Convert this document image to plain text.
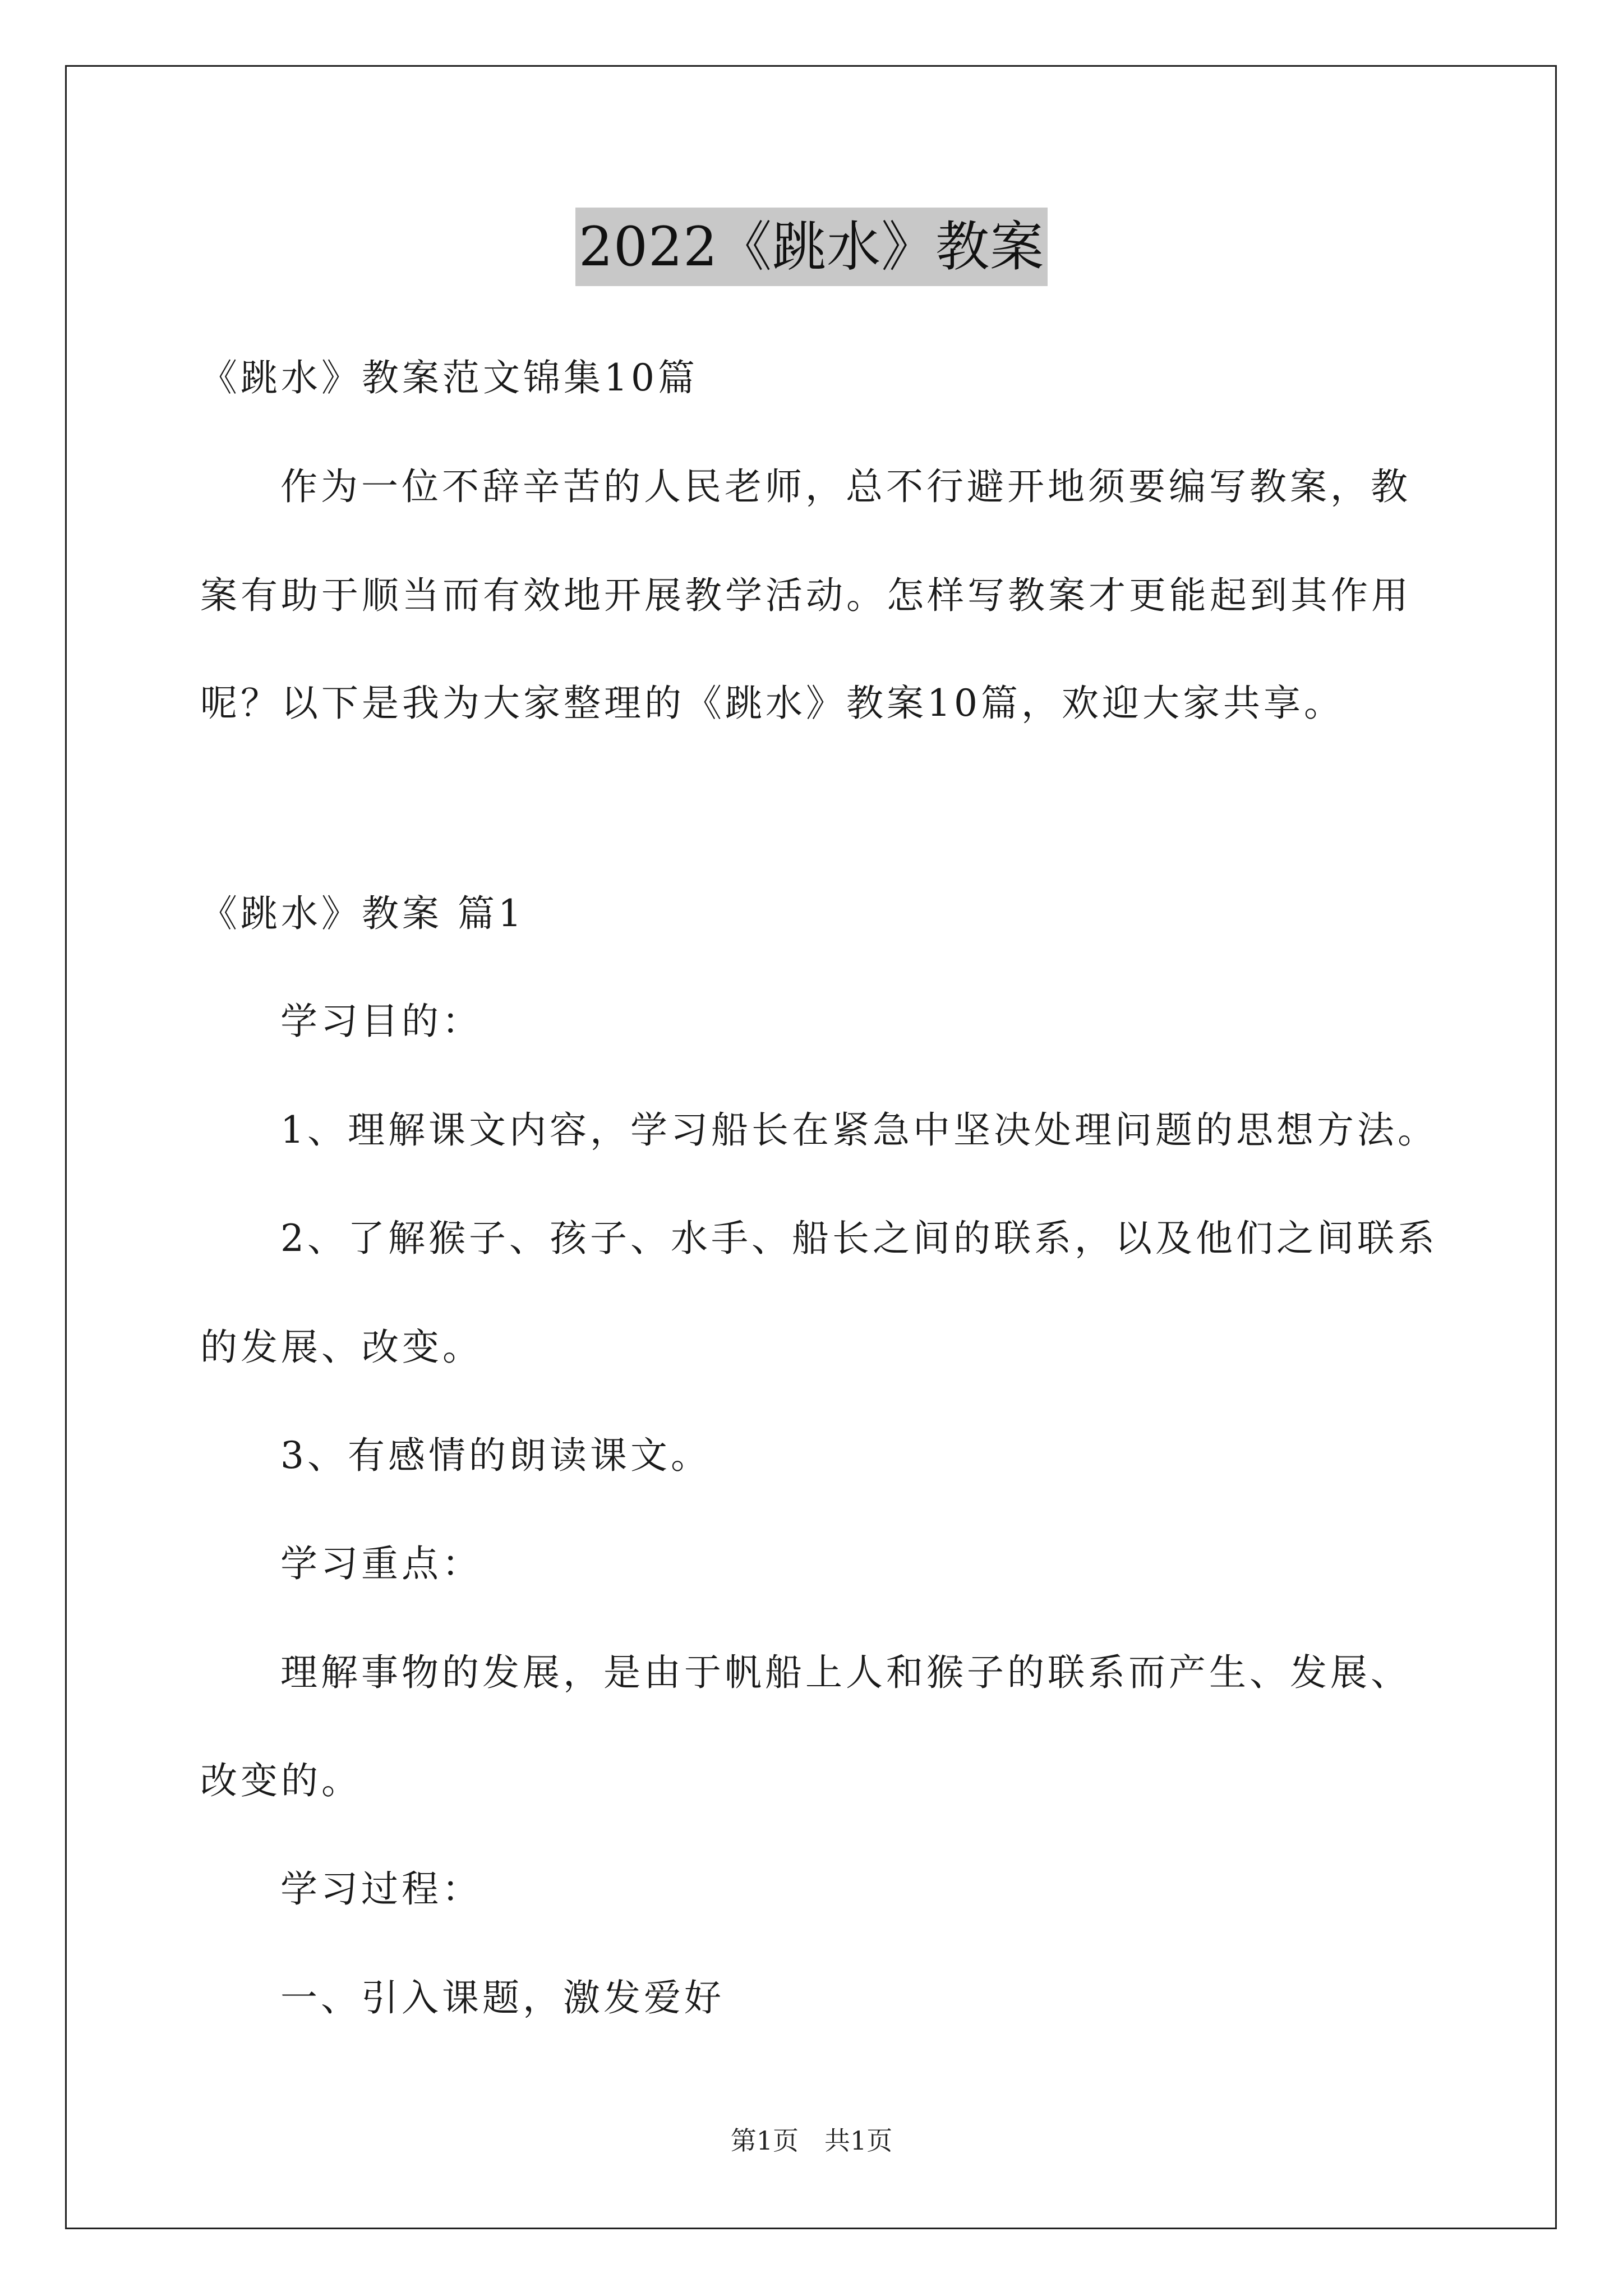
2022《跳水》教案
《跳水》教案范文锦集10篇
作为一位不辞辛苦的人民老师，总不行避开地须要编写教案，教
案有助于顺当而有效地开展教学活动。怎样写教案才更能起到其作用
呢？以下是我为大家整理的《跳水》教案10篇，欢迎大家共享。
《跳水》教案 篇1
学习目的：
1、理解课文内容，学习船长在紧急中坚决处理问题的思想方法。
2、了解猴子、孩子、水手、船长之间的联系，以及他们之间联系
的发展、改变。
3、有感情的朗读课文。
学习重点：
理解事物的发展，是由于帆船上人和猴子的联系而产生、发展、
改变的。
学习过程：
一、引入课题，激发爱好
第1页　共1页
